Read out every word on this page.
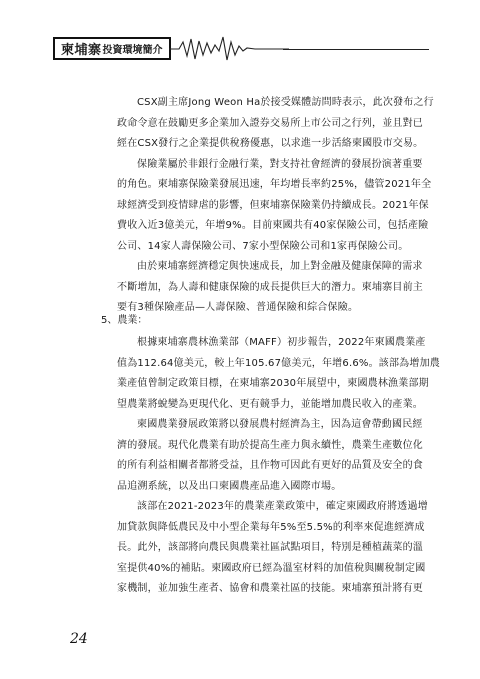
柬埔寨 投資環境簡介

CSX副主席Jong Weon Ha於接受媒體訪問時表示，此次發布之行
政命令意在鼓勵更多企業加入證券交易所上市公司之行列，並且對已
經在CSX發行之企業提供稅務優惠，以求進一步活絡柬國股市交易。

保險業屬於非銀行金融行業，對支持社會經濟的發展扮演著重要
的角色。柬埔寨保險業發展迅速，年均增長率約25%，儘管2021年全
球經濟受到疫情肆虐的影響，但柬埔寨保險業仍持續成長。2021年保
費收入近3億美元，年增9%。目前柬國共有40家保險公司，包括產險
公司、14家人壽保險公司、7家小型保險公司和1家再保險公司。

由於柬埔寨經濟穩定與快速成長，加上對金融及健康保障的需求
不斷增加，為人壽和健康保險的成長提供巨大的潛力。柬埔寨目前主
要有3種保險產品—人壽保險、普通保險和綜合保險。

5、農業：

根據柬埔寨農林漁業部（MAFF）初步報告，2022年柬國農業產
值為112.64億美元，較上年105.67億美元，年增6.6%。該部為增加農
業產值曾制定政策目標，在柬埔寨2030年展望中，柬國農林漁業部期
望農業將蛻變為更現代化、更有競爭力，並能增加農民收入的產業。

柬國農業發展政策將以發展農村經濟為主，因為這會帶動國民經
濟的發展。現代化農業有助於提高生產力與永續性，農業生產數位化
的所有利益相關者都將受益，且作物可因此有更好的品質及安全的食
品追溯系統，以及出口柬國農產品進入國際市場。

該部在2021-2023年的農業產業政策中，確定柬國政府將透過增
加貸款與降低農民及中小型企業每年5%至5.5%的利率來促進經濟成
長。此外，該部將向農民與農業社區試點項目，特別是種植蔬菜的溫
室提供40%的補貼。柬國政府已經為溫室材料的加值稅與關稅制定國
家機制，並加強生產者、協會和農業社區的技能。柬埔寨預計將有更

24
